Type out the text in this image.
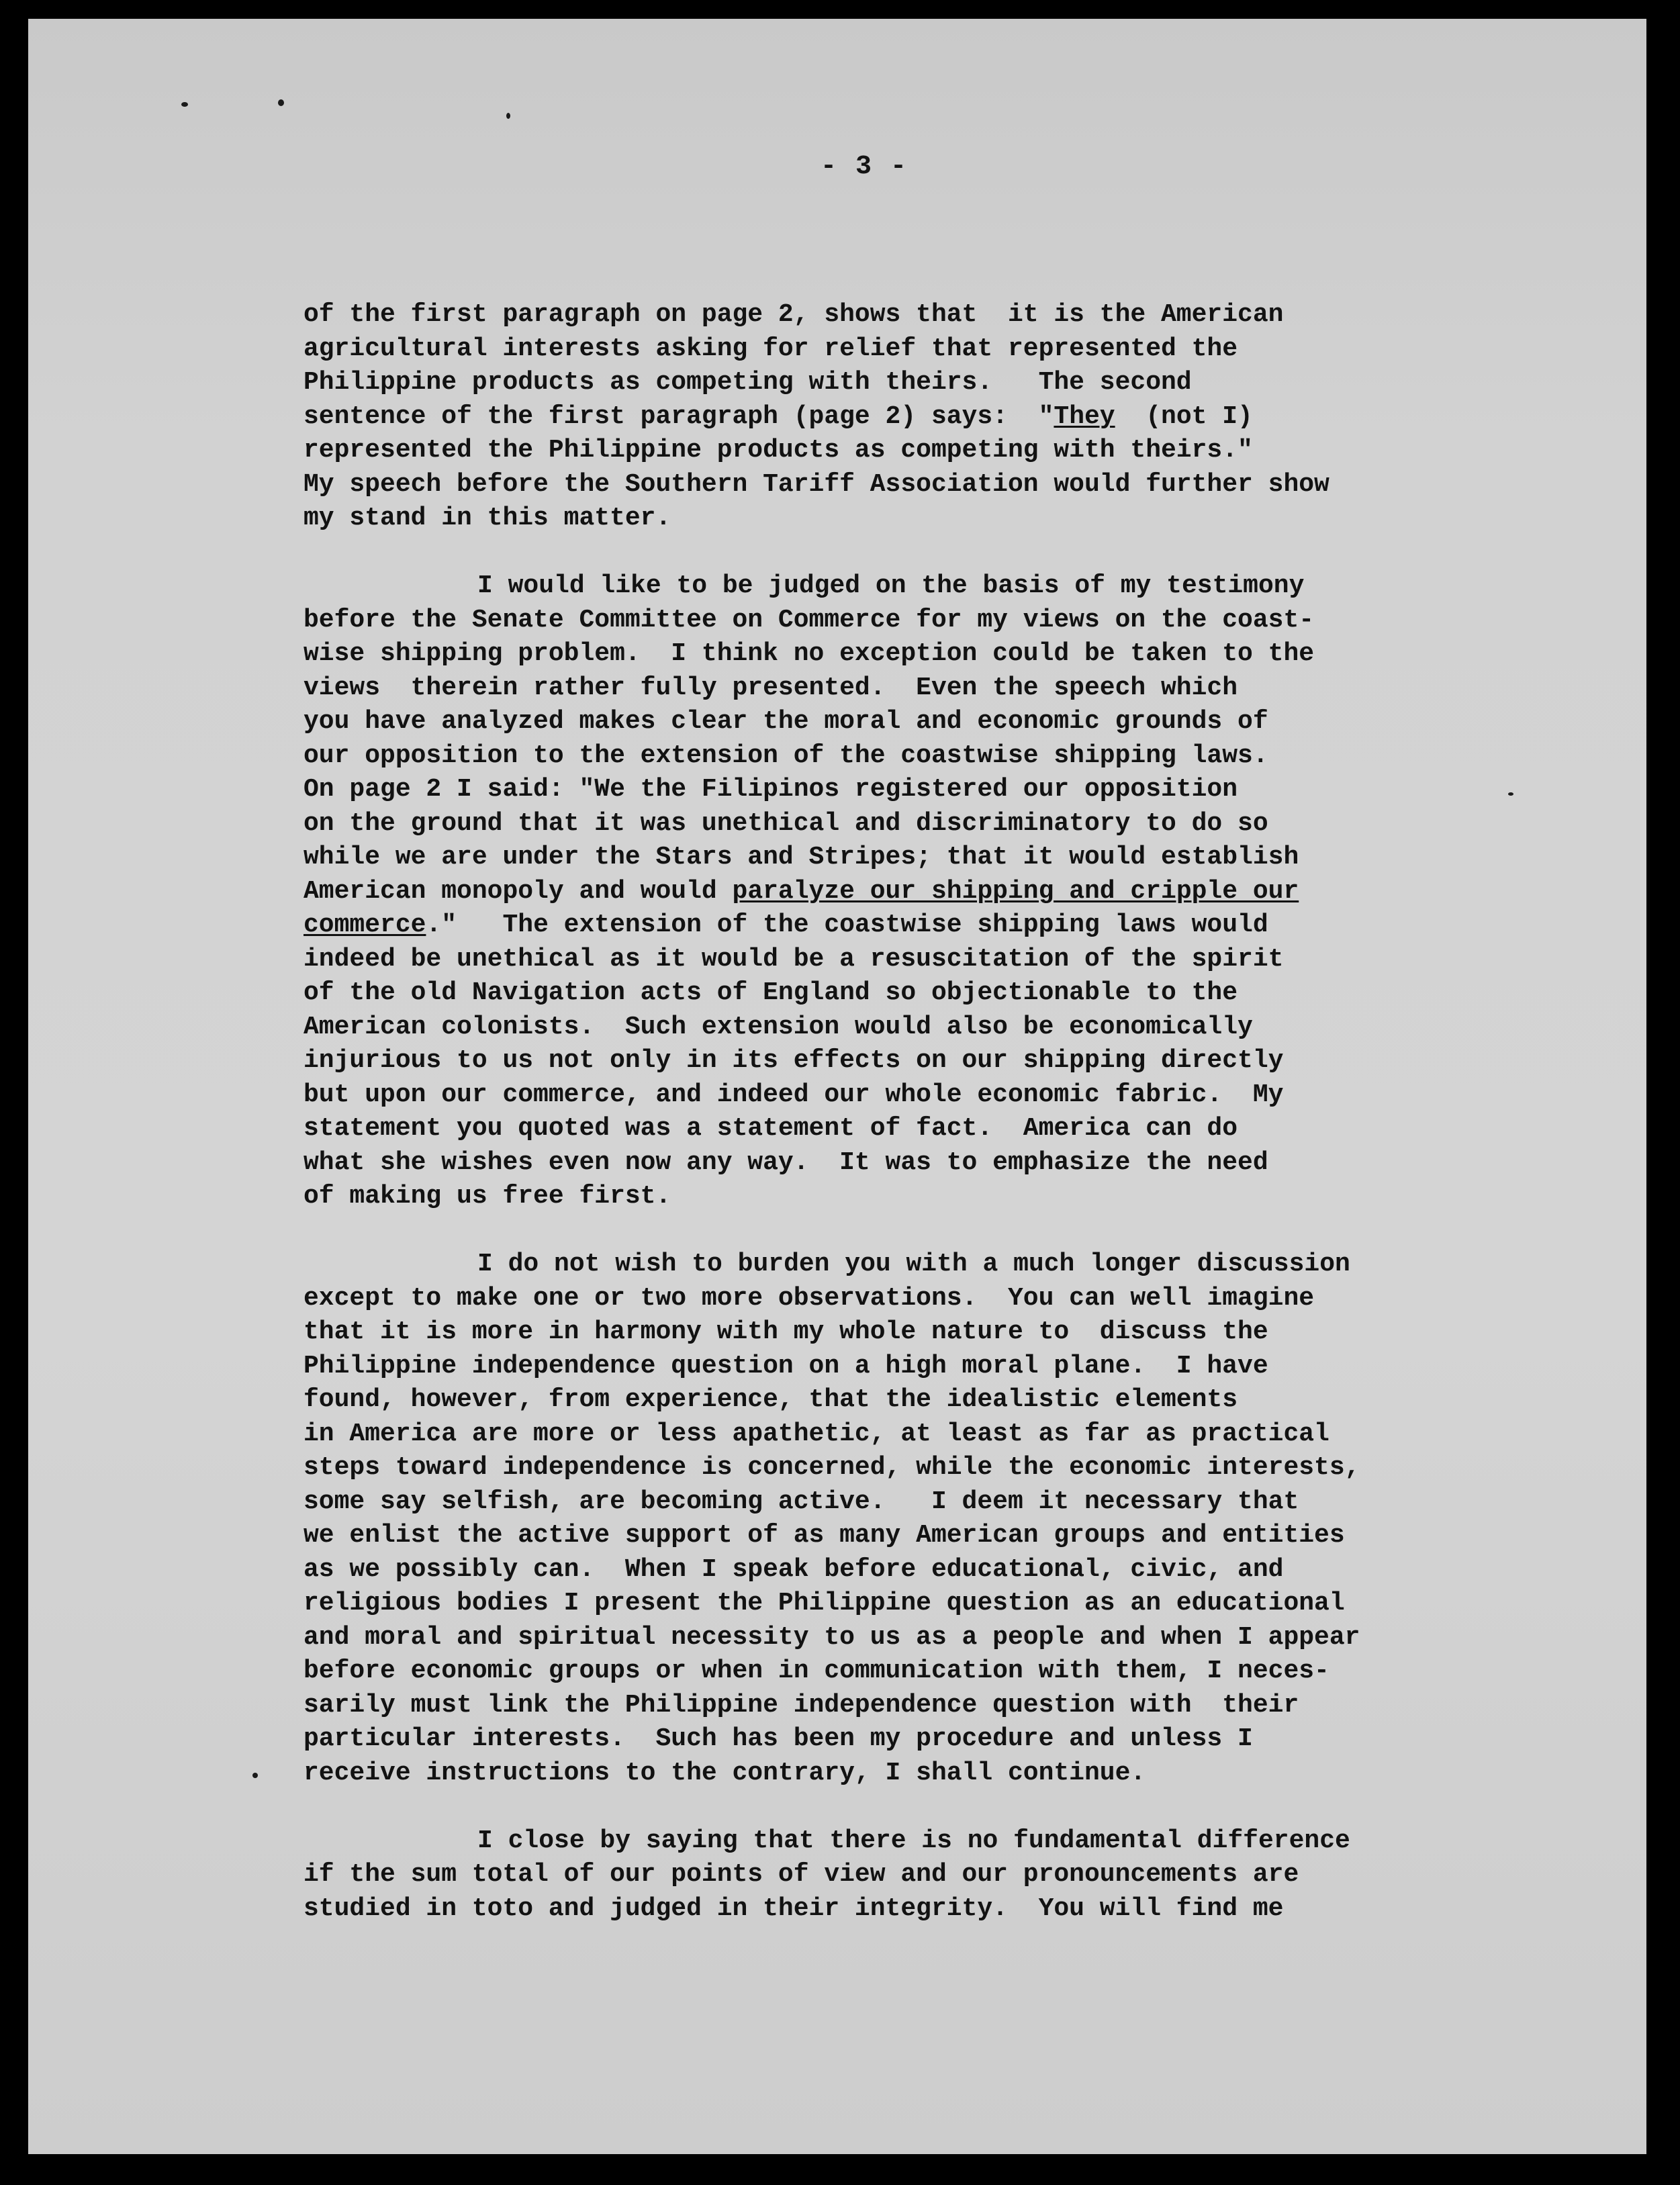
- 3 -
of the first paragraph on page 2, shows that  it is the American
agricultural interests asking for relief that represented the
Philippine products as competing with theirs.   The second
sentence of the first paragraph (page 2) says:  "They  (not I)
represented the Philippine products as competing with theirs."
My speech before the Southern Tariff Association would further show
my stand in this matter.
I would like to be judged on the basis of my testimony
before the Senate Committee on Commerce for my views on the coast-
wise shipping problem.  I think no exception could be taken to the
views  therein rather fully presented.  Even the speech which
you have analyzed makes clear the moral and economic grounds of
our opposition to the extension of the coastwise shipping laws.
On page 2 I said: "We the Filipinos registered our opposition
on the ground that it was unethical and discriminatory to do so
while we are under the Stars and Stripes; that it would establish
American monopoly and would paralyze our shipping and cripple our
commerce."   The extension of the coastwise shipping laws would
indeed be unethical as it would be a resuscitation of the spirit
of the old Navigation acts of England so objectionable to the
American colonists.  Such extension would also be economically
injurious to us not only in its effects on our shipping directly
but upon our commerce, and indeed our whole economic fabric.  My
statement you quoted was a statement of fact.  America can do
what she wishes even now any way.  It was to emphasize the need
of making us free first.
I do not wish to burden you with a much longer discussion
except to make one or two more observations.  You can well imagine
that it is more in harmony with my whole nature to  discuss the
Philippine independence question on a high moral plane.  I have
found, however, from experience, that the idealistic elements
in America are more or less apathetic, at least as far as practical
steps toward independence is concerned, while the economic interests,
some say selfish, are becoming active.   I deem it necessary that
we enlist the active support of as many American groups and entities
as we possibly can.  When I speak before educational, civic, and
religious bodies I present the Philippine question as an educational
and moral and spiritual necessity to us as a people and when I appear
before economic groups or when in communication with them, I neces-
sarily must link the Philippine independence question with  their
particular interests.  Such has been my procedure and unless I
receive instructions to the contrary, I shall continue.
I close by saying that there is no fundamental difference
if the sum total of our points of view and our pronouncements are
studied in toto and judged in their integrity.  You will find me
